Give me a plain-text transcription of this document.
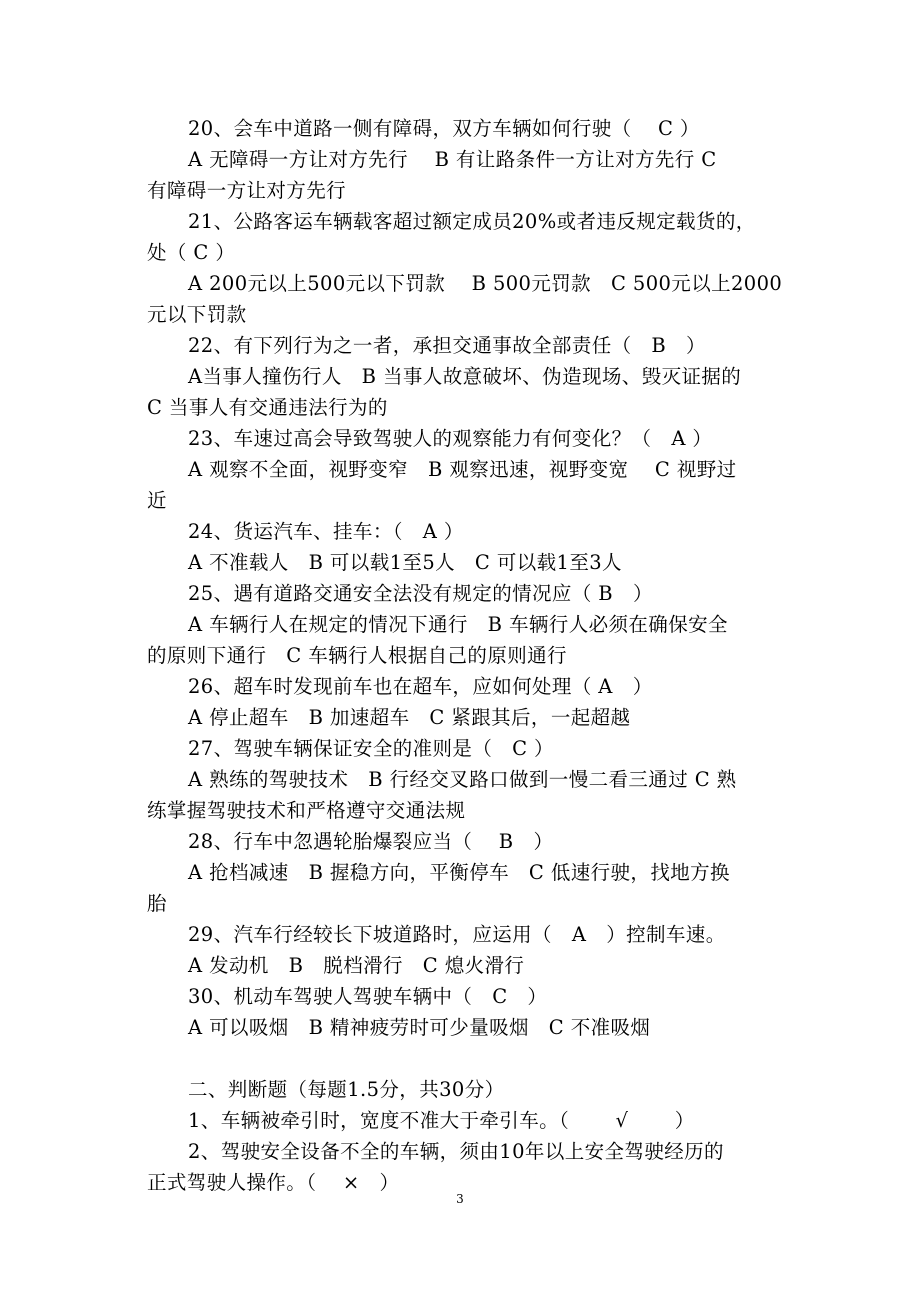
20、会车中道路一侧有障碍，双方车辆如何行驶（　 C ）
A 无障碍一方让对方先行　 B 有让路条件一方让对方先行 C
有障碍一方让对方先行
21、公路客运车辆载客超过额定成员20%或者违反规定载货的，
处（ C ）
A 200元以上500元以下罚款　 B 500元罚款　C 500元以上2000
元以下罚款
22、有下列行为之一者，承担交通事故全部责任（　B　）
A当事人撞伤行人　B 当事人故意破坏、伪造现场、毁灭证据的
C 当事人有交通违法行为的
23、车速过高会导致驾驶人的观察能力有何变化？（　A ）
A 观察不全面，视野变窄　B 观察迅速，视野变宽　 C 视野过
近
24、货运汽车、挂车：（　A ）
A 不准载人　B 可以载1至5人　C 可以载1至3人
25、遇有道路交通安全法没有规定的情况应（ B　）
A 车辆行人在规定的情况下通行　B 车辆行人必须在确保安全
的原则下通行　C 车辆行人根据自己的原则通行
26、超车时发现前车也在超车，应如何处理（ A　）
A 停止超车　B 加速超车　C 紧跟其后，一起超越
27、驾驶车辆保证安全的准则是（　C ）
A 熟练的驾驶技术　B 行经交叉路口做到一慢二看三通过 C 熟
练掌握驾驶技术和严格遵守交通法规
28、行车中忽遇轮胎爆裂应当（　 B　）
A 抢档减速　B 握稳方向，平衡停车　C 低速行驶，找地方换
胎
29、汽车行经较长下坡道路时，应运用（　A　）控制车速。
A 发动机　B　脱档滑行　C 熄火滑行
30、机动车驾驶人驾驶车辆中（　C　）
A 可以吸烟　B 精神疲劳时可少量吸烟　C 不准吸烟
二、判断题（每题1.5分，共30分）
1、车辆被牵引时，宽度不准大于牵引车。（　　 √　　 ）
2、驾驶安全设备不全的车辆，须由10年以上安全驾驶经历的
正式驾驶人操作。（　 ×　）
3
